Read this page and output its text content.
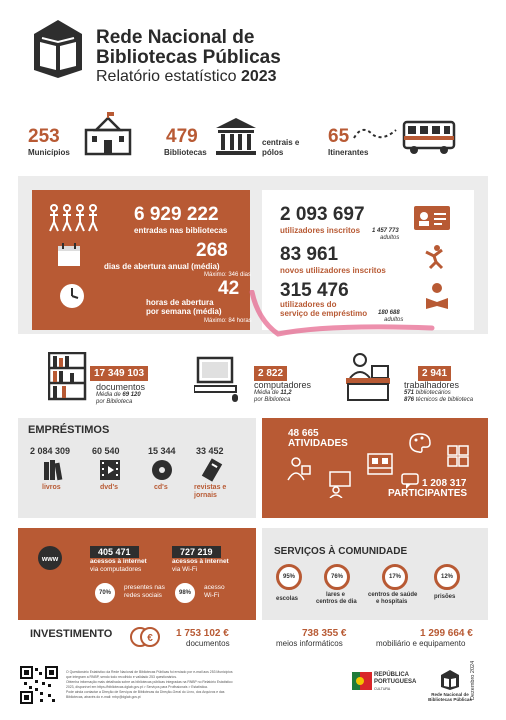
Rede Nacional de
Bibliotecas Públicas
Relatório estatístico 2023
253
Municípios
479
Bibliotecas
centrais e pólos
65
Itinerantes
6 929 222
entradas nas bibliotecas
268
dias de abertura anual (média)
Máximo: 346 dias
42
horas de abertura
por semana (média)
Máximo: 84 horas
2 093 697
utilizadores inscritos 1 457 773
adultos
83 961
novos utilizadores inscritos
315 476
utilizadores do
serviço de empréstimo 180 688
adultos
17 349 103
documentos
Média de 69 120
por Biblioteca
2 822
computadores
Média de 11,2
por Biblioteca
2 941
trabalhadores
571 bibliotecários
876 técnicos de biblioteca
EMPRÉSTIMOS
2 084 309
livros
60 540
dvd's
15 344
cd's
33 452
revistas e jornais
48 665
ATIVIDADES
1 208 317
PARTICIPANTES
www
405 471
acessos à internet
via computadores
727 219
acessos à internet
via Wi-Fi
70%
presentes nas
redes sociais	98%
acesso
Wi-Fi
SERVIÇOS À COMUNIDADE
95%
escolas
76%
lares e
centros de dia
17%
centros de saúde
e hospitais
12%
prisões
INVESTIMENTO	€ 1 753 102 €
documentos
738 355 €
meios informáticos
1 299 664 €
mobiliário e equipamento
O Questionário Estatístico da Rede Nacional de Bibliotecas Públicas foi enviado por e-mail aos 253 Municípios
que integram a RNBP, sendo todo recolhido e validado 253 questionários.
Obtenha informação mais detalhada sobre as bibliotecas públicas integradas na RNBP no Relatório Estatístico
2023, disponível em https://bibliotecas.dglab.gov.pt > Serviços para Profissionais > Estatística.
Pode ainda contactar a Direção de Serviços de Bibliotecas da Direção-Geral do Livro, dos Arquivos e das
Bibliotecas, através do e-mail: rnbp@dglab.gov.pt
REPÚBLICA
PORTUGUESA
CULTURA
Rede Nacional de
Bibliotecas Públicas
Dezembro 2024
